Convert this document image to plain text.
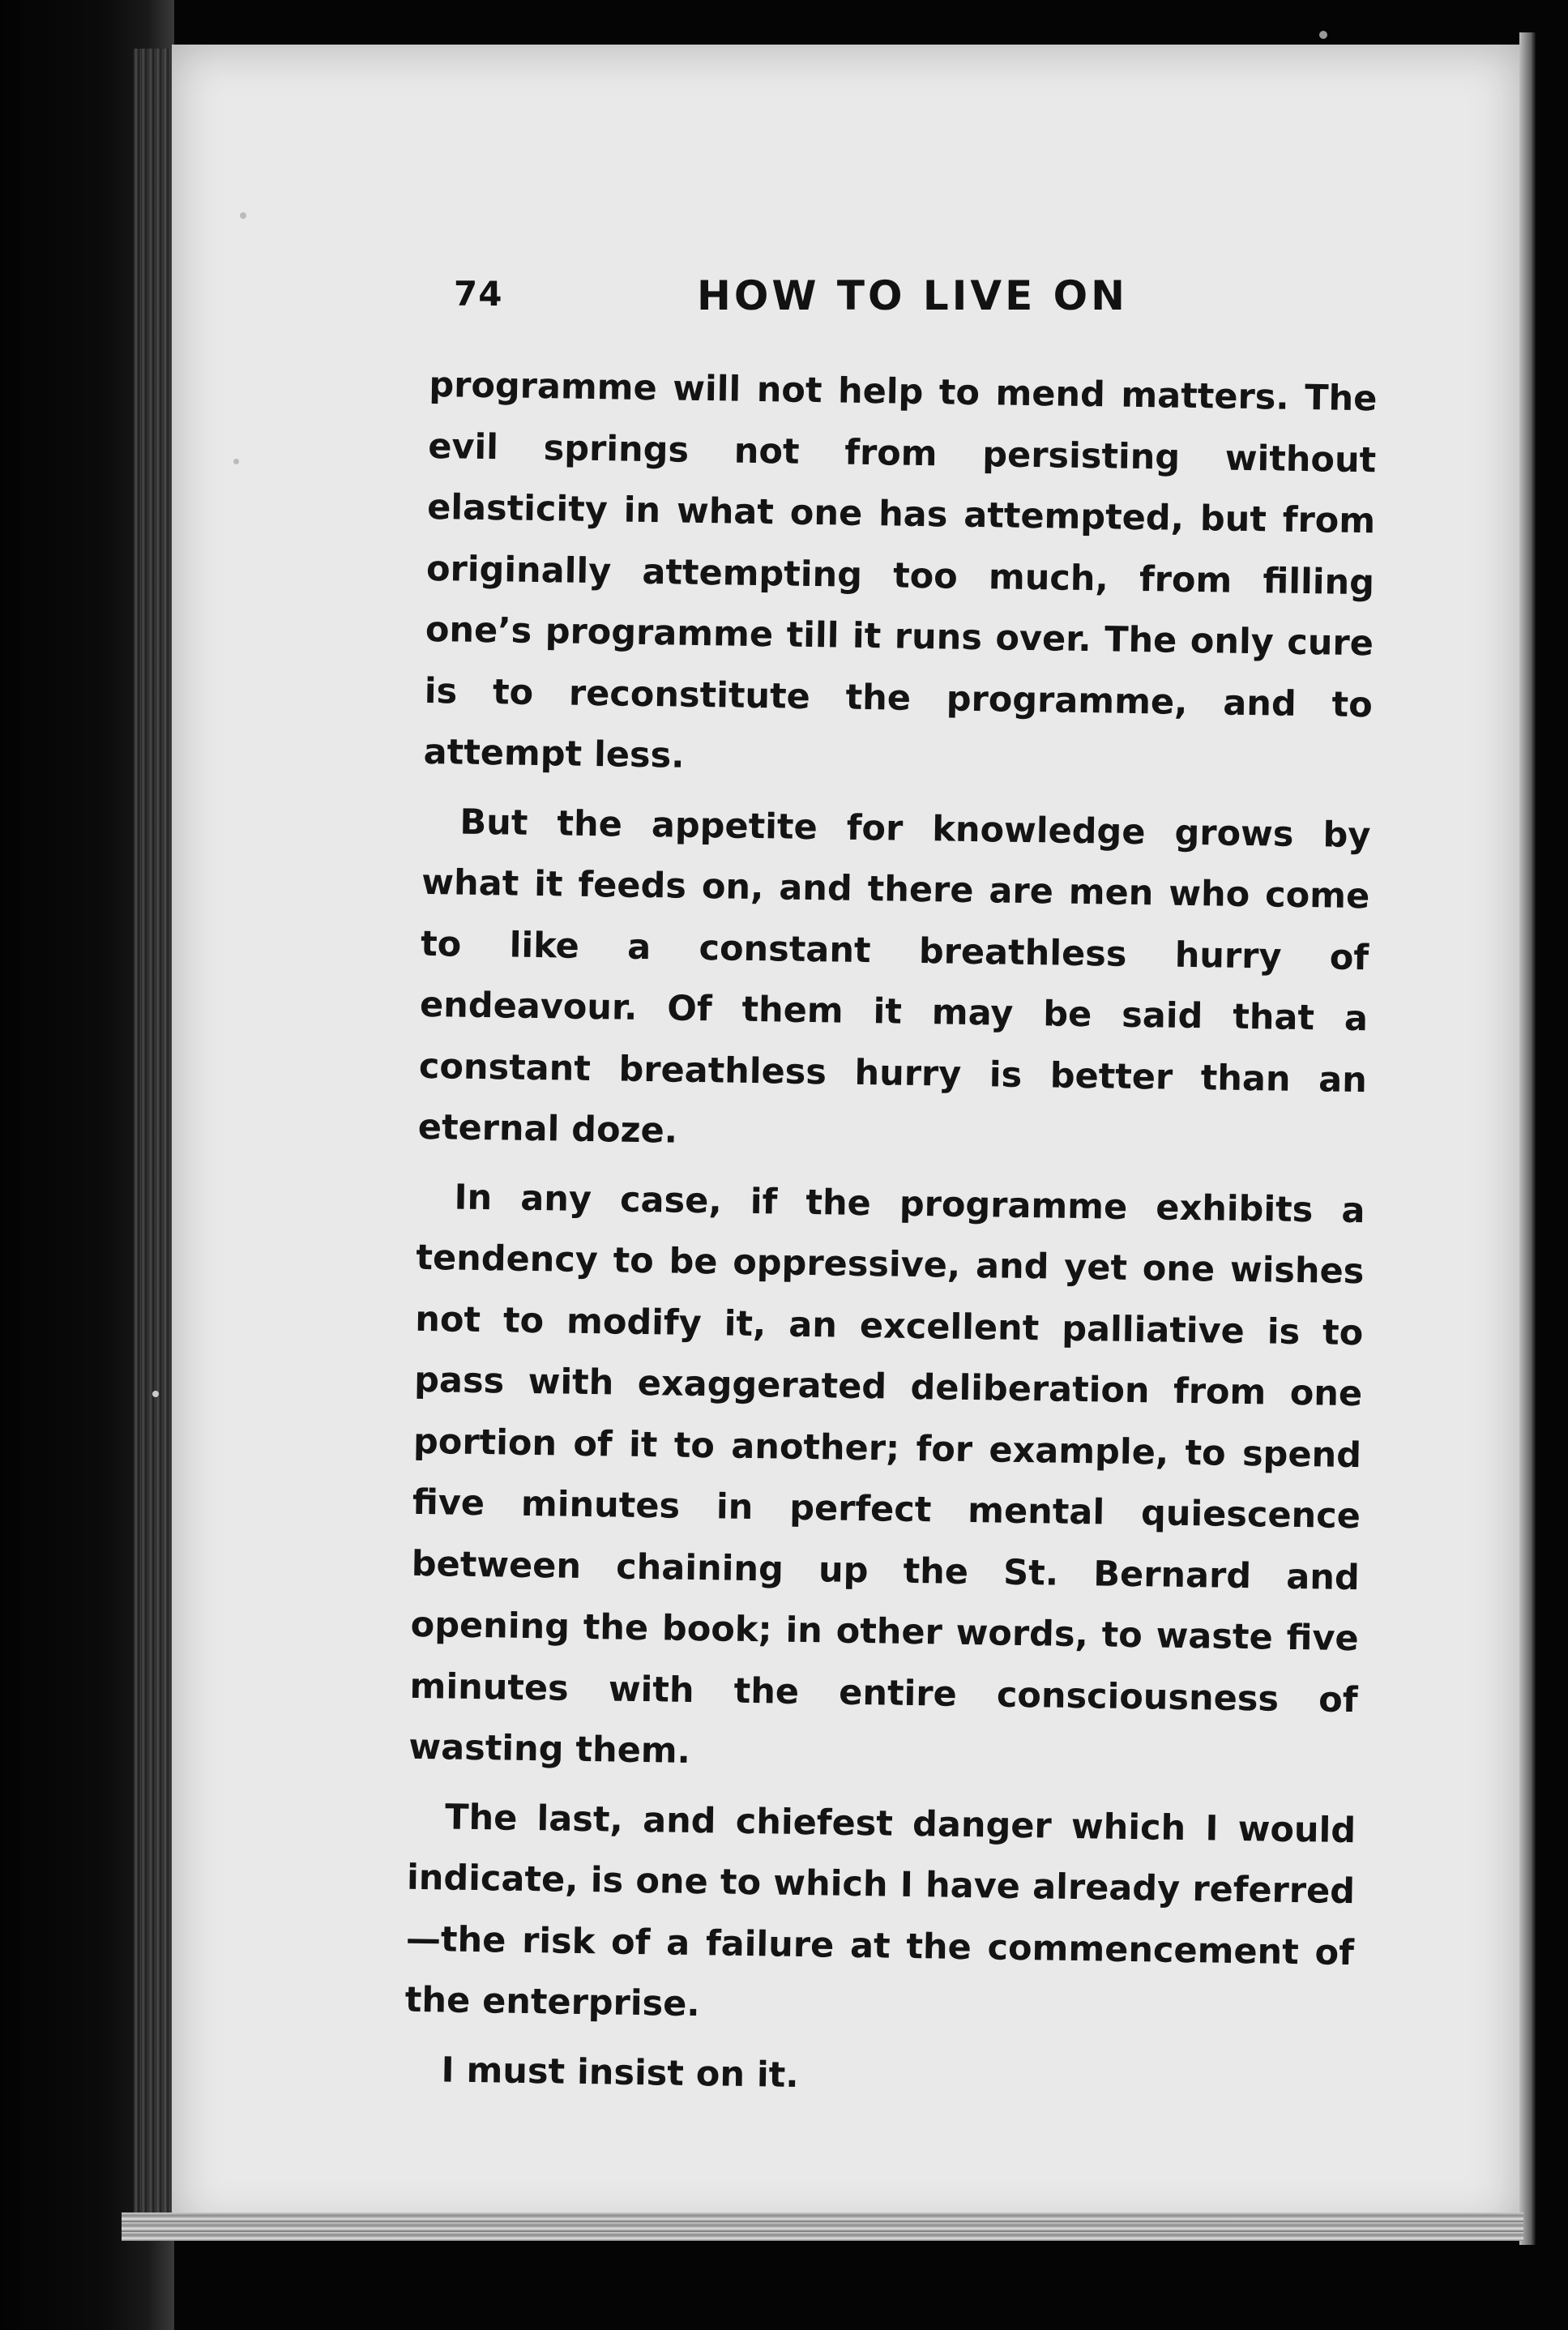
74	HOW TO LIVE ON

programme will not help to mend matters. The evil springs not from persisting without elasticity in what one has attempted, but from originally attempting too much, from filling one’s programme till it runs over. The only cure is to reconstitute the programme, and to attempt less.

But the appetite for knowledge grows by what it feeds on, and there are men who come to like a constant breathless hurry of endeavour. Of them it may be said that a constant breathless hurry is better than an eternal doze.

In any case, if the programme exhibits a tendency to be oppressive, and yet one wishes not to modify it, an excellent palliative is to pass with exaggerated deliberation from one portion of it to another; for example, to spend five minutes in perfect mental quiescence between chaining up the St. Bernard and opening the book; in other words, to waste five minutes with the entire consciousness of wasting them.

The last, and chiefest danger which I would indicate, is one to which I have already referred —the risk of a failure at the commencement of the enterprise.

I must insist on it.
